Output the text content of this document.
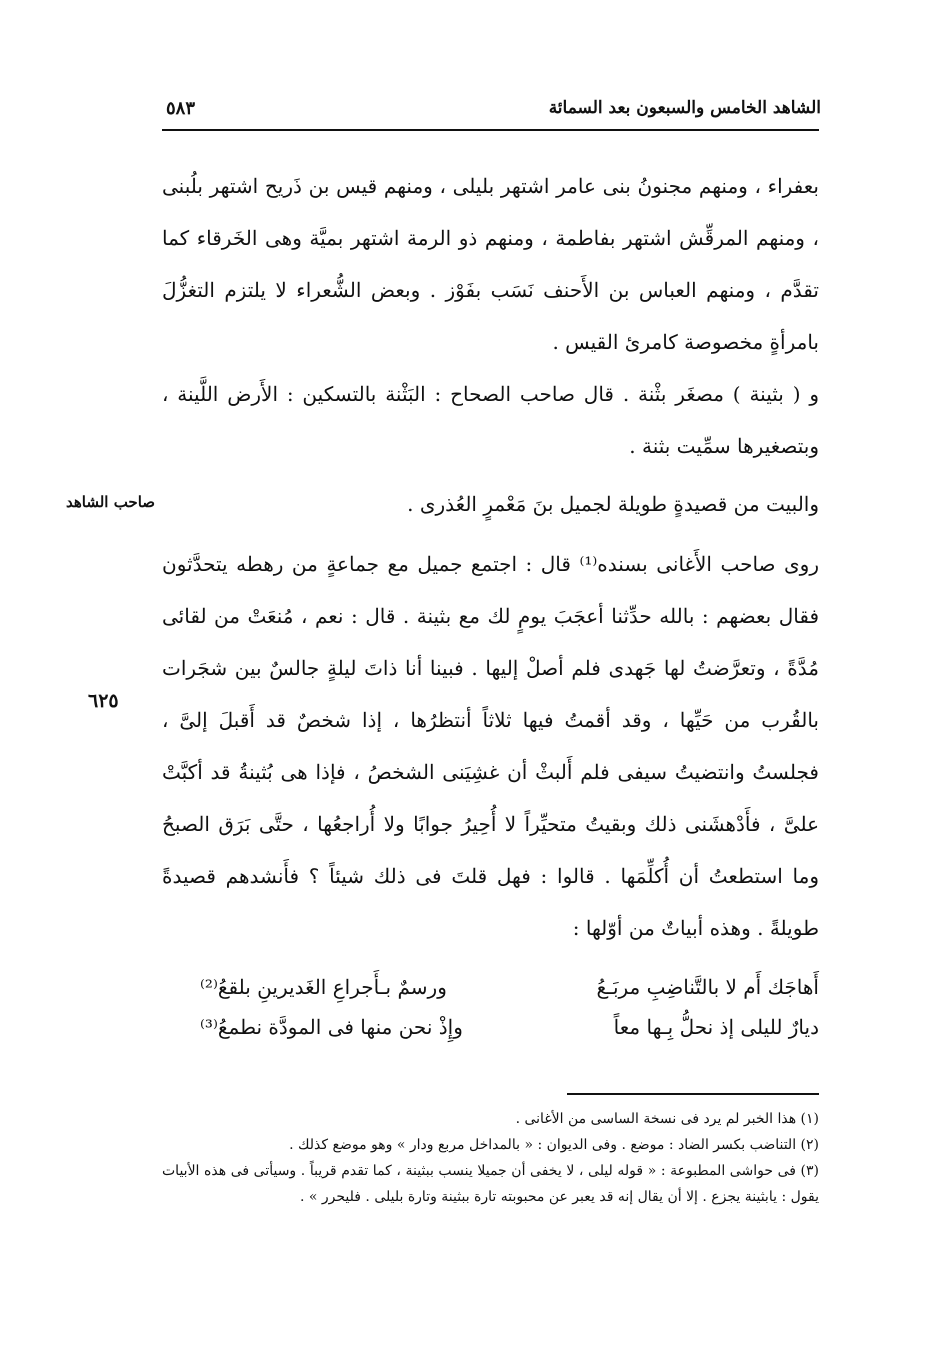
الشاهد الخامس والسبعون بعد السمائة
٥٨٣

بعفراء ، ومنهم مجنونُ بنى عامر اشتهر بليلى ، ومنهم قيس بن ذَريح اشتهر بلُبنى ، ومنهم المرقِّش اشتهر بفاطمة ، ومنهم ذو الرمة اشتهر بميَّة وهى الخَرقاء كما تقدَّم ، ومنهم العباس بن الأَحنف نَسَب بفَوْز . وبعض الشُّعراء لا يلتزم التغزُّلَ بامرأةٍ مخصوصة كامرئ القيس .

و ( بثينة ) مصغَر بثْنة . قال صاحب الصحاح : البَثْنة بالتسكين : الأَرض اللَّينة ، وبتصغيرها سمِّيت بثنة .

والبيت من قصيدةٍ طويلة لجميل بنَ مَعْمرٍ العُذرى .

صاحب الشاهد

روى صاحب الأَغانى بسنده⁽¹⁾ قال : اجتمع جميل مع جماعةٍ من رهطه يتحدَّثون فقال بعضهم : بالله حدِّثنا أعجَبَ يومٍ لك مع بثينة . قال : نعم ، مُنعَتْ من لقائى مُدَّةً ، وتعرَّضتُ لها جَهدى فلم أصلْ إليها . فبينا أنا ذاتَ ليلةٍ جالسٌ بين شجَرات بالقُرب من حَيِّها ، وقد أقمتُ فيها ثلاثاً أنتظرُها ، إذا شخصٌ قد أَقبلَ إلىَّ ، فجلستُ وانتضيتُ سيفى فلم أَلبثْ أن غشِيَنى الشخصُ ، فإذا هى بُثينةُ قد أكبَّتْ علىَّ ، فأَدْهشَنى ذلك وبقيتُ متحيِّراً لا أُحِيرُ جوابًا ولا أُراجعُها ، حتَّى بَرَق الصبحُ وما استطعتُ أن أُكلِّمَها . قالوا : فهل قلتَ فى ذلك شيئاً ؟ فأَنشدهم قصيدةً طويلةً . وهذه أبياتٌ من أوّلها :

٦٢٥
أَهاجَك أَم لا بالتَّناضِبِ مربَـعُ
ورسمٌ بـأَجراعِ الغَديرينِ بلقعُ⁽²⁾
ديارٌ لليلى إذ نحلُّ بِـها معاً
وإِذْ نحن منها فى المودَّة نطمعُ⁽³⁾

(١) هذا الخبر لم يرد فى نسخة الساسى من الأغانى .

(٢) التناضب بكسر الضاد : موضع . وفى الديوان : « بالمداخل مربع ودار » وهو موضع كذلك .

(٣) فى حواشى المطبوعة : « قوله ليلى ، لا يخفى أن جميلا ينسب ببثينة ، كما تقدم قريباً . وسيأتى فى هذه الأبيات يقول : يابثينة يجزع . إلا أن يقال إنه قد يعبر عن محبوبته تارة ببثينة وتارة بليلى . فليحرر » .
